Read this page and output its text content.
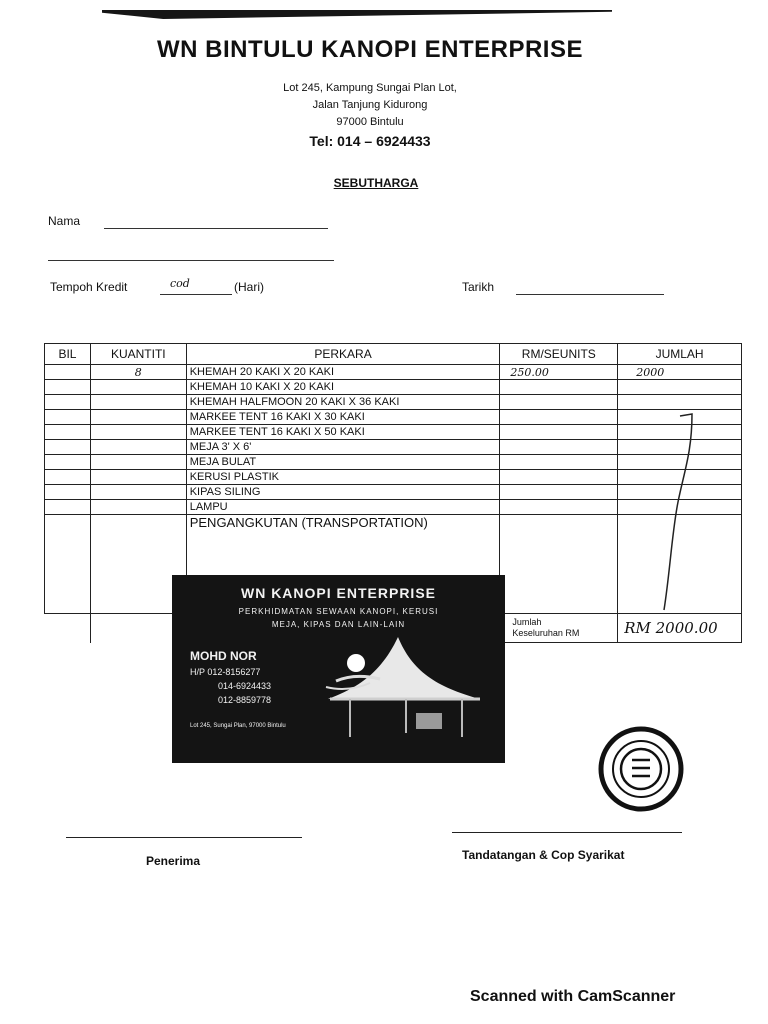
WN BINTULU KANOPI ENTERPRISE
Lot 245, Kampung Sungai Plan Lot,
Jalan Tanjung Kidurong
97000 Bintulu
Tel: 014 – 6924433
SEBUTHARGA
Nama
Tempoh Kredit	cod	(Hari)	Tarikh
BIL	KUANTITI	PERKARA	RM/SEUNITS	JUMLAH
	8	KHEMAH 20 KAKI X 20 KAKI	250.00	2000
		KHEMAH 10 KAKI X 20 KAKI		
		KHEMAH HALFMOON 20 KAKI X 36 KAKI		
		MARKEE TENT 16 KAKI X 30 KAKI		
		MARKEE TENT 16 KAKI X 50 KAKI		
		MEJA 3' X 6'		
		MEJA BULAT		
		KERUSI PLASTIK		
		KIPAS SILING		
		LAMPU		
		PENGANGKUTAN (TRANSPORTATION)		

			Jumlah
Keseluruhan RM	RM 2000.00
WN KANOPI ENTERPRISE
PERKHIDMATAN SEWAAN KANOPI, KERUSI
MEJA, KIPAS DAN LAIN-LAIN
MOHD NOR
H/P 012-8156277
014-6924433
012-8859778
Lot 245, Sungai Plan, 97000 Bintulu
Penerima	Tandatangan & Cop Syarikat
Scanned with CamScanner
